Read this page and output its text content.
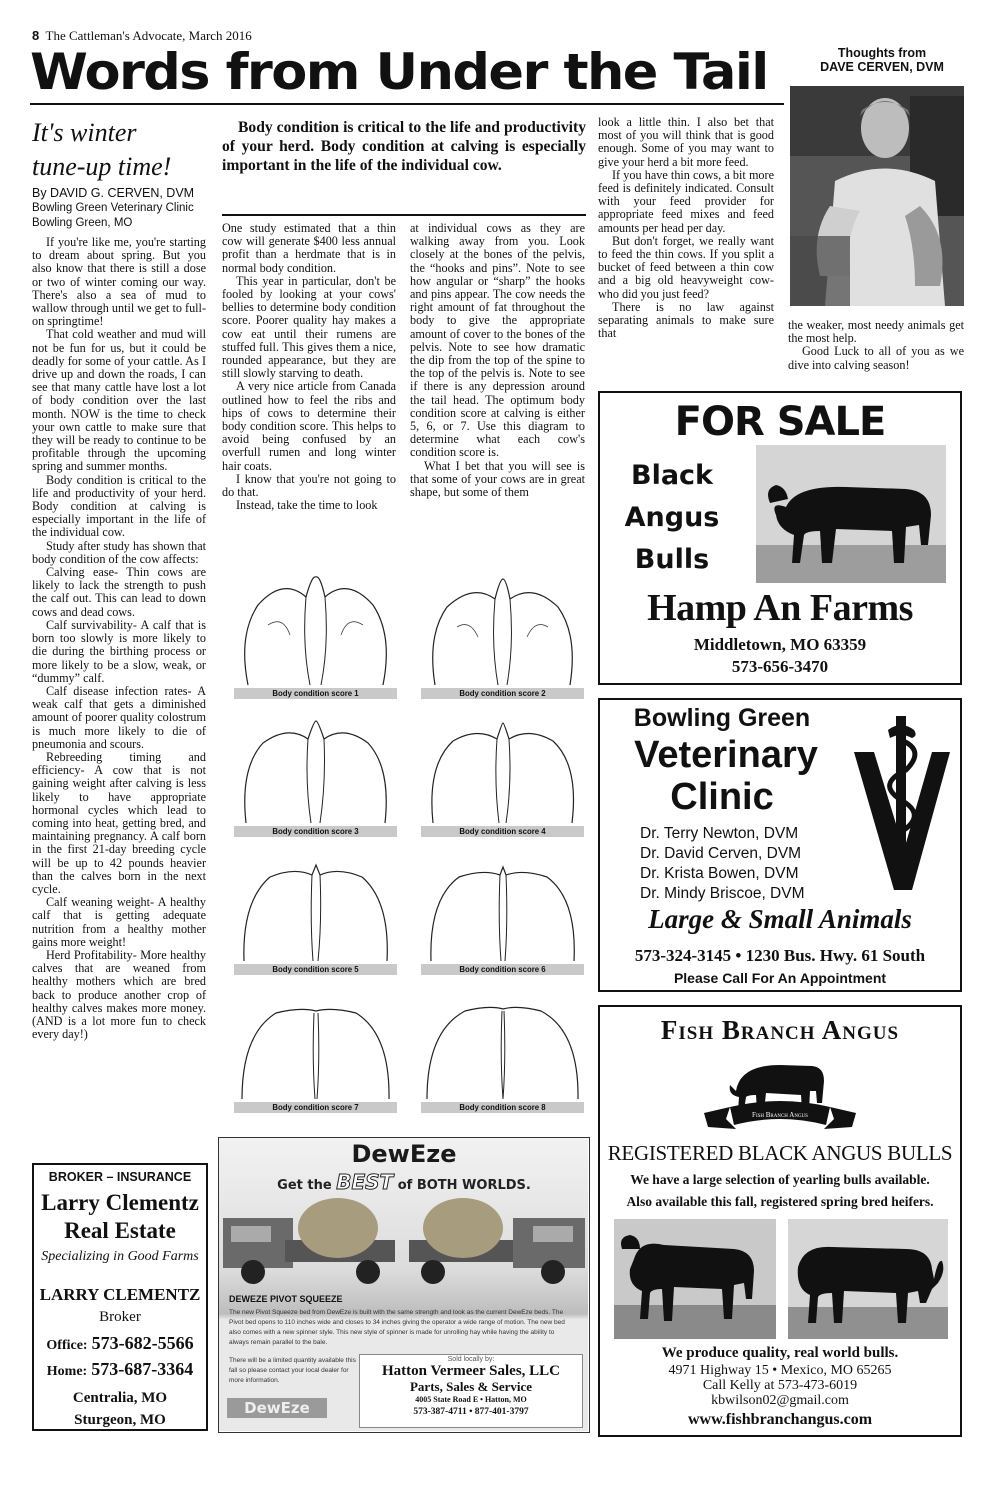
8 The Cattleman's Advocate, March 2016
Words from Under the Tail	Thoughts from
DAVE CERVEN, DVM
It's winter
tune-up time!
By DAVID G. CERVEN, DVM
Bowling Green Veterinary Clinic
Bowling Green, MO

If you're like me, you're starting to dream about spring. But you also know that there is still a dose or two of winter coming our way. There's also a sea of mud to wallow through until we get to full-on springtime!

That cold weather and mud will not be fun for us, but it could be deadly for some of your cattle. As I drive up and down the roads, I can see that many cattle have lost a lot of body condition over the last month. NOW is the time to check your own cattle to make sure that they will be ready to continue to be profitable through the upcoming spring and summer months.

Body condition is critical to the life and productivity of your herd. Body condition at calving is especially important in the life of the individual cow.

Study after study has shown that body condition of the cow affects:

Calving ease- Thin cows are likely to lack the strength to push the calf out. This can lead to down cows and dead cows.

Calf survivability- A calf that is born too slowly is more likely to die during the birthing process or more likely to be a slow, weak, or “dummy” calf.

Calf disease infection rates- A weak calf that gets a diminished amount of poorer quality colostrum is much more likely to die of pneumonia and scours.

Rebreeding timing and efficiency- A cow that is not gaining weight after calving is less likely to have appropriate hormonal cycles which lead to coming into heat, getting bred, and maintaining pregnancy. A calf born in the first 21-day breeding cycle will be up to 42 pounds heavier than the calves born in the next cycle.

Calf weaning weight- A healthy calf that is getting adequate nutrition from a healthy mother gains more weight!

Herd Profitability- More healthy calves that are weaned from healthy mothers which are bred back to produce another crop of healthy calves makes more money. (AND is a lot more fun to check every day!)

Body condition is critical to the life and productivity of your herd. Body condition at calving is especially important in the life of the individual cow.

One study estimated that a thin cow will generate $400 less annual profit than a herdmate that is in normal body condition.

This year in particular, don't be fooled by looking at your cows' bellies to determine body condition score. Poorer quality hay makes a cow eat until their rumens are stuffed full. This gives them a nice, rounded appearance, but they are still slowly starving to death.

A very nice article from Canada outlined how to feel the ribs and hips of cows to determine their body condition score. This helps to avoid being confused by an overfull rumen and long winter hair coats.

I know that you're not going to do that.

Instead, take the time to look

at individual cows as they are walking away from you. Look closely at the bones of the pelvis, the “hooks and pins”. Note to see how angular or “sharp” the hooks and pins appear. The cow needs the right amount of fat throughout the body to give the appropriate amount of cover to the bones of the pelvis. Note to see how dramatic the dip from the top of the spine to the top of the pelvis is. Note to see if there is any depression around the tail head. The optimum body condition score at calving is either 5, 6, or 7. Use this diagram to determine what each cow's condition score is.

What I bet that you will see is that some of your cows are in great shape, but some of them

look a little thin. I also bet that most of you will think that is good enough. Some of you may want to give your herd a bit more feed.

If you have thin cows, a bit more feed is definitely indicated. Consult with your feed provider for appropriate feed mixes and feed amounts per head per day.

But don't forget, we really want to feed the thin cows. If you split a bucket of feed between a thin cow and a big old heavyweight cow- who did you just feed?

There is no law against separating animals to make sure that

the weaker, most needy animals get the most help.

Good Luck to all of you as we dive into calving season!

Body condition score 1	Body condition score 2
Body condition score 3	Body condition score 4
Body condition score 5	Body condition score 6
Body condition score 7	Body condition score 8
FOR SALE
Black
Angus
Bulls
Hamp An Farms
Middletown, MO 63359
573-656-3470
Bowling Green
Veterinary
Clinic
Dr. Terry Newton, DVM
Dr. David Cerven, DVM
Dr. Krista Bowen, DVM
Dr. Mindy Briscoe, DVM
Large & Small Animals
573-324-3145 • 1230 Bus. Hwy. 61 South
Please Call For An Appointment
Fish Branch Angus
Fish Branch Angus
REGISTERED BLACK ANGUS BULLS
We have a large selection of yearling bulls available.
Also available this fall, registered spring bred heifers.
We produce quality, real world bulls.
4971 Highway 15 • Mexico, MO 65265
Call Kelly at 573-473-6019
kbwilson02@gmail.com
www.fishbranchangus.com
BROKER – INSURANCE
Larry Clementz
Real Estate
Specializing in Good Farms
LARRY CLEMENTZ
Broker
Office: 573-682-5566
Home: 573-687-3364
Centralia, MO
Sturgeon, MO
DewEze
Get the BEST of BOTH WORLDS.
DEWEZE PIVOT SQUEEZE
The new Pivot Squeeze bed from DewEze is built with the same strength and look as the current DewEze beds. The Pivot bed opens to 110 inches wide and closes to 34 inches giving the operator a wide range of motion. The new bed also comes with a new spinner style. This new style of spinner is made for unrolling hay while having the ability to always remain parallel to the bale.
There will be a limited quantity available this fall so please contact your local dealer for more information.
DewEze
Sold locally by:
Hatton Vermeer Sales, LLC
Parts, Sales & Service
4005 State Road E • Hatton, MO
573-387-4711 • 877-401-3797
